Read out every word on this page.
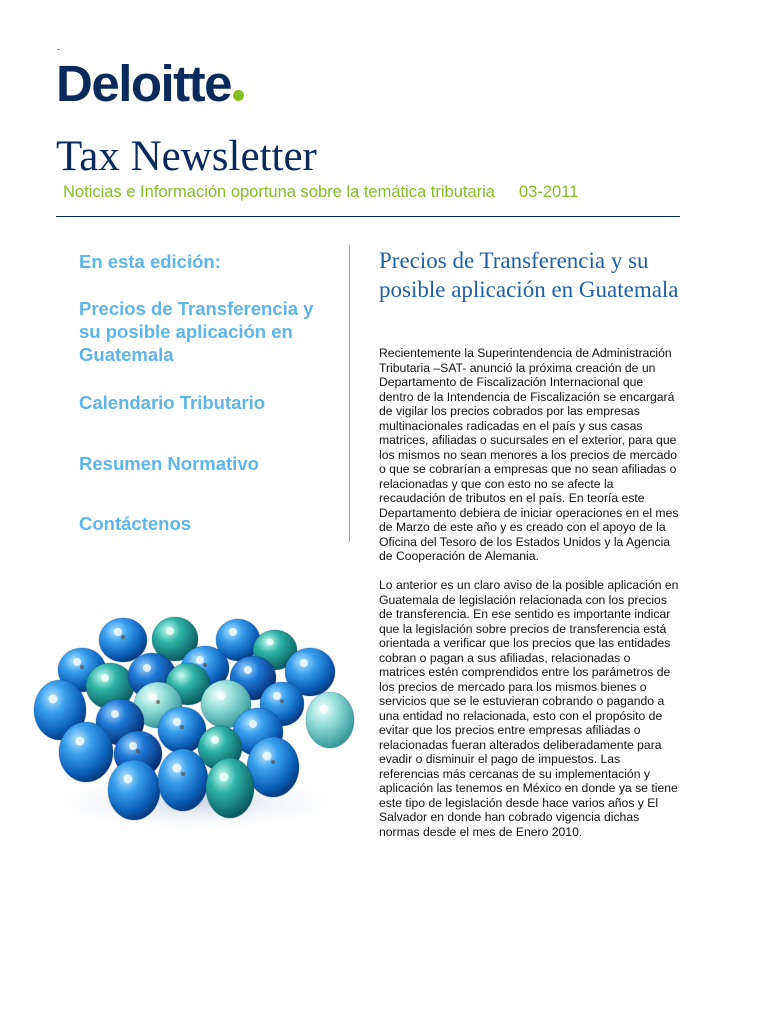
-
Deloitte
Tax Newsletter
Noticias e Información oportuna sobre la temática tributaria 03-2011
En esta edición:
Precios de Transferencia y su posible aplicación en Guatemala
Calendario Tributario
Resumen Normativo
Contáctenos
Precios de Transferencia y su posible aplicación en Guatemala

Recientemente la Superintendencia de Administración Tributaria –SAT- anunció la próxima creación de un Departamento de Fiscalización Internacional que dentro de la Intendencia de Fiscalización se encargará de vigilar los precios cobrados por las empresas multinacionales radicadas en el país y sus casas matrices, afiliadas o sucursales en el exterior, para que los mismos no sean menores a los precios de mercado o que se cobrarían a empresas que no sean afiliadas o relacionadas y que con esto no se afecte la recaudación de tributos en el país. En teoría este Departamento debiera de iniciar operaciones en el mes de Marzo de este año y es creado con el apoyo de la Oficina del Tesoro de los Estados Unidos y la Agencia de Cooperación de Alemania.

Lo anterior es un claro aviso de la posible aplicación en Guatemala de legislación relacionada con los precios de transferencia. En ese sentido es importante indicar que la legislación sobre precios de transferencia está orientada a verificar que los precios que las entidades cobran o pagan a sus afiliadas, relacionadas o matrices estén comprendidos entre los parámetros de los precios de mercado para los mismos bienes o servicios que se le estuvieran cobrando o pagando a una entidad no relacionada, esto con el propósito de evitar que los precios entre empresas afiliadas o relacionadas fueran alterados deliberadamente para evadir o disminuir el pago de impuestos. Las referencias más cercanas de su implementación y aplicación las tenemos en México en donde ya se tiene este tipo de legislación desde hace varios años y El Salvador en donde han cobrado vigencia dichas normas desde el mes de Enero 2010.
